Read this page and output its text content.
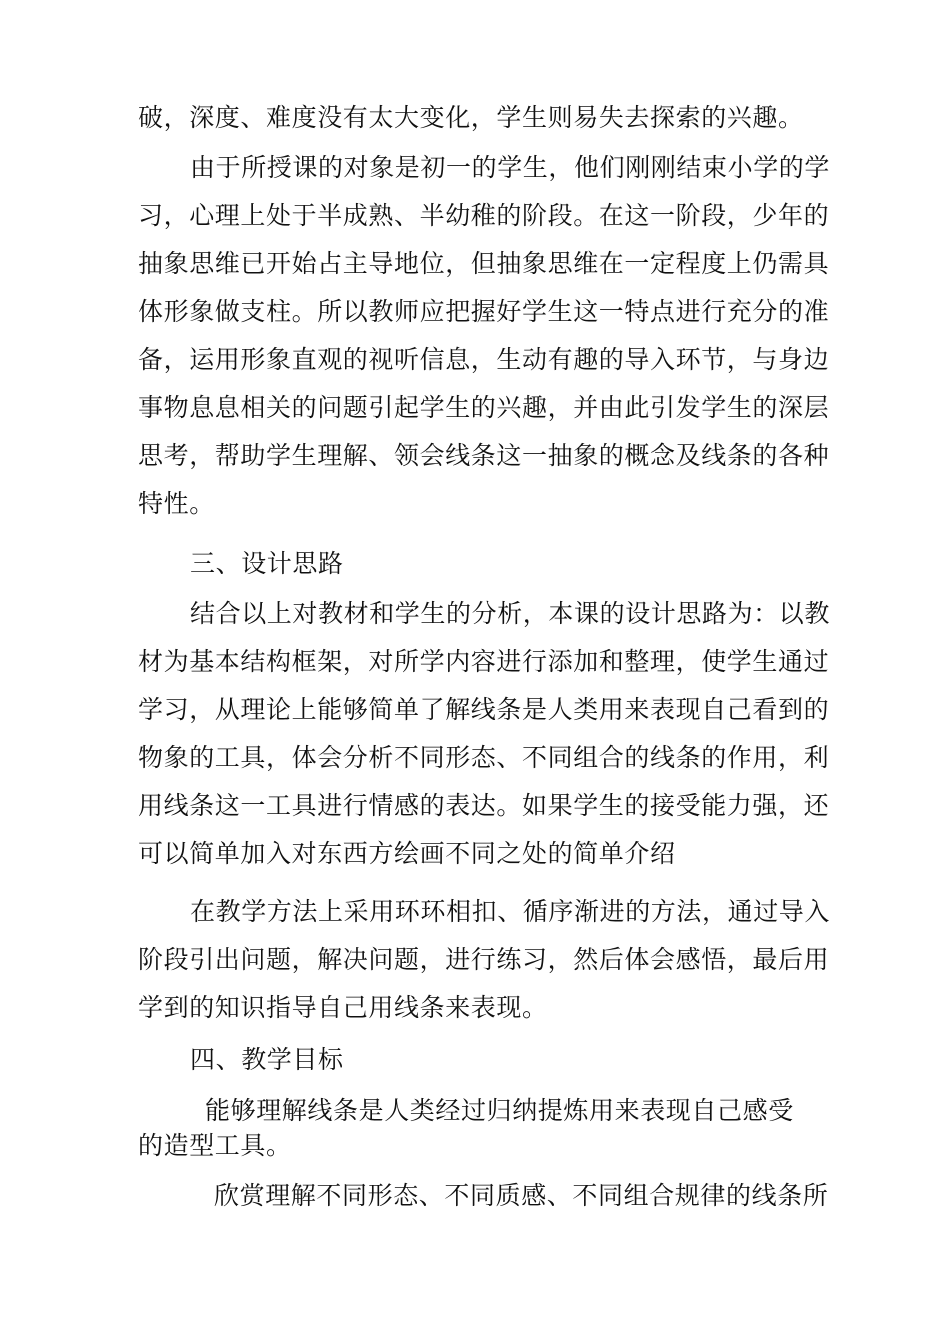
破，深度、难度没有太大变化，学生则易失去探索的兴趣。

由于所授课的对象是初一的学生，他们刚刚结束小学的学

习，心理上处于半成熟、半幼稚的阶段。在这一阶段，少年的

抽象思维已开始占主导地位，但抽象思维在一定程度上仍需具

体形象做支柱。所以教师应把握好学生这一特点进行充分的准

备，运用形象直观的视听信息，生动有趣的导入环节，与身边

事物息息相关的问题引起学生的兴趣，并由此引发学生的深层

思考，帮助学生理解、领会线条这一抽象的概念及线条的各种

特性。

三、设计思路

结合以上对教材和学生的分析，本课的设计思路为：以教

材为基本结构框架，对所学内容进行添加和整理，使学生通过

学习，从理论上能够简单了解线条是人类用来表现自己看到的

物象的工具，体会分析不同形态、不同组合的线条的作用，利

用线条这一工具进行情感的表达。如果学生的接受能力强，还

可以简单加入对东西方绘画不同之处的简单介绍

在教学方法上采用环环相扣、循序渐进的方法，通过导入

阶段引出问题，解决问题，进行练习，然后体会感悟，最后用

学到的知识指导自己用线条来表现。

四、教学目标

能够理解线条是人类经过归纳提炼用来表现自己感受

的造型工具。

欣赏理解不同形态、不同质感、不同组合规律的线条所
